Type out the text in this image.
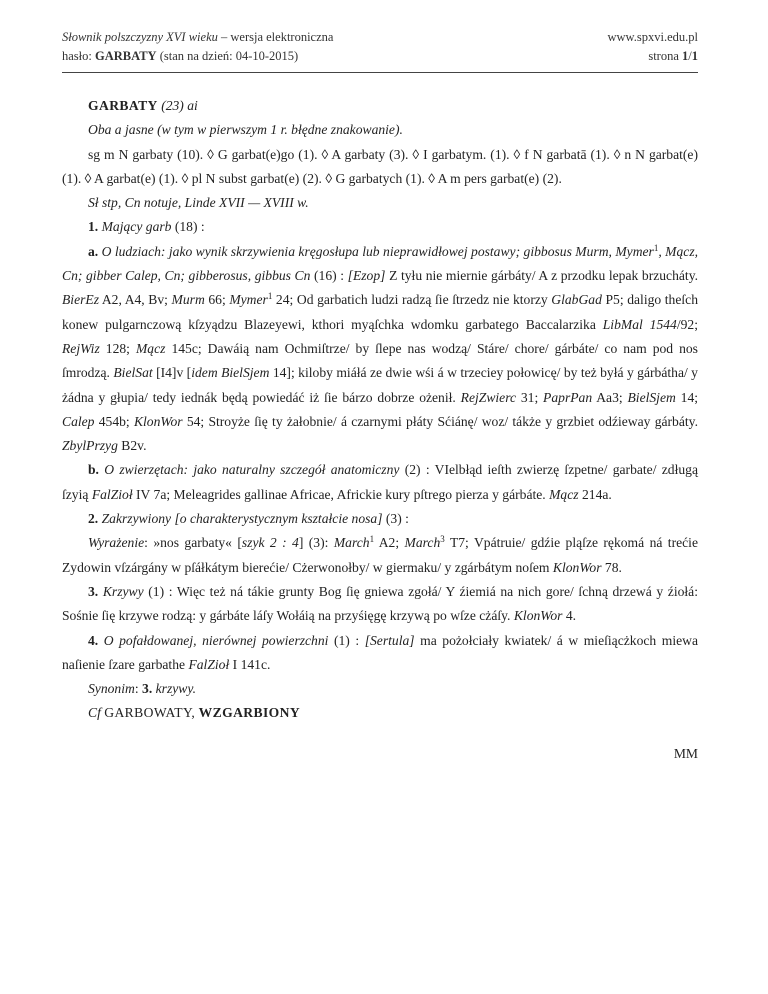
Słownik polszczyzny XVI wieku – wersja elektroniczna
hasło: GARBATY (stan na dzień: 04-10-2015)
www.spxvi.edu.pl
strona 1/1

GARBATY (23) ai

Oba a jasne (w tym w pierwszym 1 r. błędne znakowanie).

sg m N garbaty (10). ◊ G garbat(e)go (1). ◊ A garbaty (3). ◊ I garbatym. (1). ◊ f N garbatā (1). ◊ n N garbat(e) (1). ◊ A garbat(e) (1). ◊ pl N subst garbat(e) (2). ◊ G garbatych (1). ◊ A m pers garbat(e) (2).

Sł stp, Cn notuje, Linde XVII — XVIII w.

1. Mający garb (18) :

a. O ludziach: jako wynik skrzywienia kręgosłupa lub nieprawidłowej postawy; gibbosus Murm, Mymer$^1$, Mącz, Cn; gibber Calep, Cn; gibberosus, gibbus Cn (16) : [Ezop] Z tyłu nie miernie gárbáty/ A z przodku lepak brzucháty. BierEz A2, A4, Bv; Murm 66; Mymer$^1$ 24; Od garbatich ludzi radzą ſie ſtrzedz nie ktorzy GlabGad P5; daligo theſch konew pulgarnczową kſzyądzu Blazeyewi, kthori myąſchka wdomku garbatego Baccalarzika LibMal 1544/92; RejWiz 128; Mącz 145c; Dawáią nam Ochmiſtrze/ by ſlepe nas wodzą/ Stáre/ chore/ gárbáte/ co nam pod nos ſmrodzą. BielSat [I4]v [idem BielSjem 14]; kiloby miáłá ze dwie wśi á w trzeciey połowicę/ by też byłá y gárbátha/ y żádna y głupia/ tedy iednák będą powiedáć iż ſie bárzo dobrze ożenił. RejZwierc 31; PaprPan Aa3; BielSjem 14; Calep 454b; KlonWor 54; Stroyże ſię ty żałobnie/ á czarnymi płáty Sćiánę/ woz/ tákże y grzbiet odźieway gárbáty. ZbylPrzyg B2v.

b. O zwierzętach: jako naturalny szczegół anatomiczny (2) : VIelbłąd ieſth zwierzę ſzpetne/ garbate/ zdługą ſzyią FalZioł IV 7a; Meleagrides gallinae Africae, Africkie kury pſtrego pierza y gárbáte. Mącz 214a.

2. Zakrzywiony [o charakterystycznym kształcie nosa] (3) :

Wyrażenie: »nos garbaty« [szyk 2 : 4] (3): March$^1$ A2; March$^3$ T7; Vpátruie/ gdźie pląſze rękomá ná trećie Zydowin vſzárgány w pſáłkátym bierećie/ Cżerwonołby/ w giermaku/ y zgárbátym noſem KlonWor 78.

3. Krzywy (1) : Więc też ná tákie grunty Bog ſię gniewa zgołá/ Y źiemiá na nich gore/ ſchną drzewá y źiołá: Sośnie ſię krzywe rodzą: y gárbáte láſy Wołáią na przyśięgę krzywą po wſze cżáſy. KlonWor 4.

4. O pofałdowanej, nierównej powierzchni (1) : [Sertula] ma pożołciały kwiatek/ á w mieſiącżkoch miewa naſienie ſzare garbathe FalZioł I 141c.

Synonim: 3. krzywy.

Cf GARBOWATY, WZGARBIONY

MM
